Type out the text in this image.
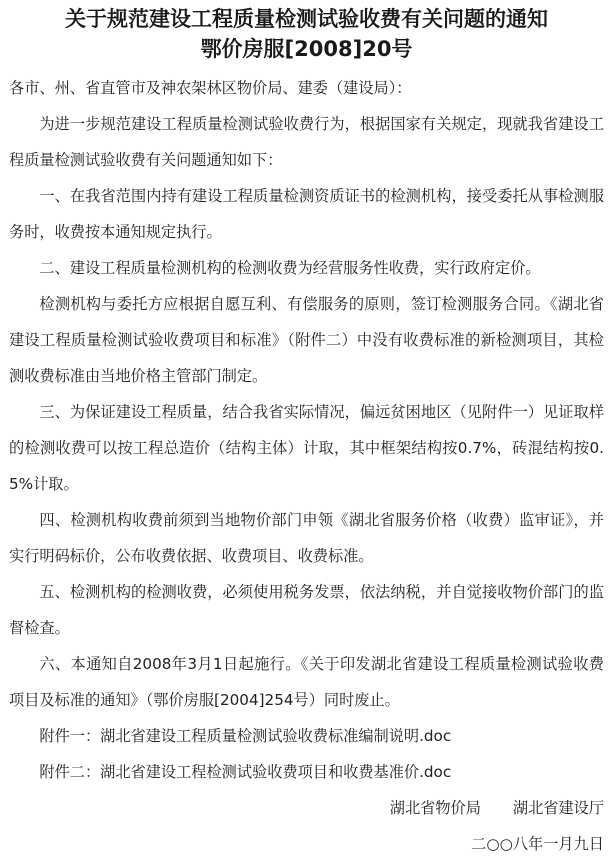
关于规范建设工程质量检测试验收费有关问题的通知
鄂价房服[2008]20号

各市、州、省直管市及神农架林区物价局、建委（建设局）：

为进一步规范建设工程质量检测试验收费行为，根据国家有关规定，现就我省建设工程质量检测试验收费有关问题通知如下：

一、在我省范围内持有建设工程质量检测资质证书的检测机构，接受委托从事检测服务时，收费按本通知规定执行。

二、建设工程质量检测机构的检测收费为经营服务性收费，实行政府定价。

检测机构与委托方应根据自愿互利、有偿服务的原则，签订检测服务合同。《湖北省建设工程质量检测试验收费项目和标准》（附件二）中没有收费标准的新检测项目，其检测收费标准由当地价格主管部门制定。

三、为保证建设工程质量，结合我省实际情况，偏远贫困地区（见附件一）见证取样的检测收费可以按工程总造价（结构主体）计取，其中框架结构按0.7%，砖混结构按0.5%计取。

四、检测机构收费前须到当地物价部门申领《湖北省服务价格（收费）监审证》，并实行明码标价，公布收费依据、收费项目、收费标准。

五、检测机构的检测收费，必须使用税务发票，依法纳税，并自觉接收物价部门的监督检查。

六、本通知自2008年3月1日起施行。《关于印发湖北省建设工程质量检测试验收费项目及标准的通知》（鄂价房服[2004]254号）同时废止。

附件一：湖北省建设工程质量检测试验收费标准编制说明.doc

附件二：湖北省建设工程检测试验收费项目和收费基准价.doc

湖北省物价局 湖北省建设厅

二○○八年一月九日
